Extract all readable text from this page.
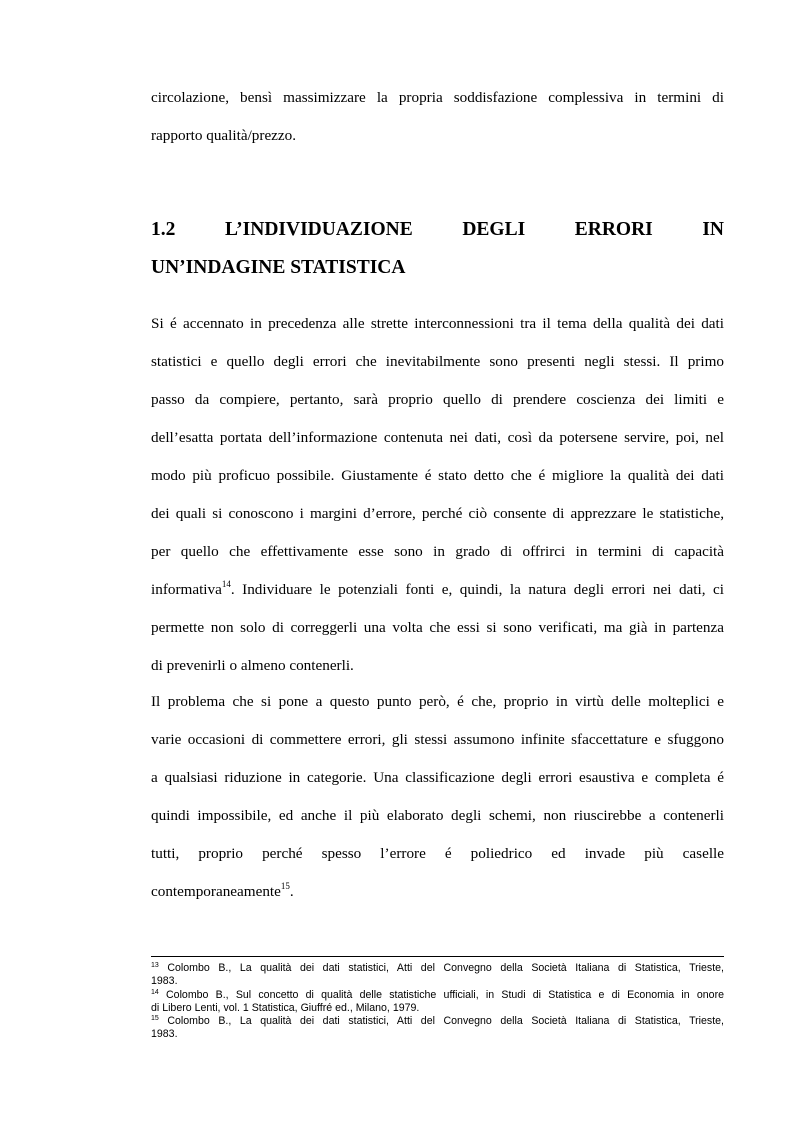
circolazione, bensì massimizzare la propria soddisfazione complessiva in termini di
rapporto qualità/prezzo.
1.2	L’INDIVIDUAZIONE	DEGLI	ERRORI	IN
UN’INDAGINE STATISTICA
Si é accennato in precedenza alle strette interconnessioni tra il tema della qualità dei dati
statistici e quello degli errori che inevitabilmente sono presenti negli stessi. Il primo
passo da compiere, pertanto, sarà proprio quello di prendere coscienza dei limiti e
dell’esatta portata dell’informazione contenuta nei dati, così da potersene servire, poi, nel
modo più proficuo possibile. Giustamente é stato detto che é migliore la qualità dei dati
dei quali si conoscono i margini d’errore, perché ciò consente di apprezzare le statistiche,
per quello che effettivamente esse sono in grado di offrirci in termini di capacità
informativa$^{14}$. Individuare le potenziali fonti e, quindi, la natura degli errori nei dati, ci
permette non solo di correggerli una volta che essi si sono verificati, ma già in partenza
di prevenirli o almeno contenerli.
Il problema che si pone a questo punto però, é che, proprio in virtù delle molteplici e
varie occasioni di commettere errori, gli stessi assumono infinite sfaccettature e sfuggono
a qualsiasi riduzione in categorie. Una classificazione degli errori esaustiva e completa é
quindi impossibile, ed anche il più elaborato degli schemi, non riuscirebbe a contenerli
tutti, proprio perché spesso l’errore é poliedrico ed invade più caselle
contemporaneamente$^{15}$.
$^{13}$ Colombo B., La qualità dei dati statistici, Atti del Convegno della Società Italiana di Statistica, Trieste,
1983.
$^{14}$ Colombo B., Sul concetto di qualità delle statistiche ufficiali, in Studi di Statistica e di Economia in onore
di Libero Lenti, vol. 1 Statistica, Giuffré ed., Milano, 1979.
$^{15}$ Colombo B., La qualità dei dati statistici, Atti del Convegno della Società Italiana di Statistica, Trieste,
1983.
